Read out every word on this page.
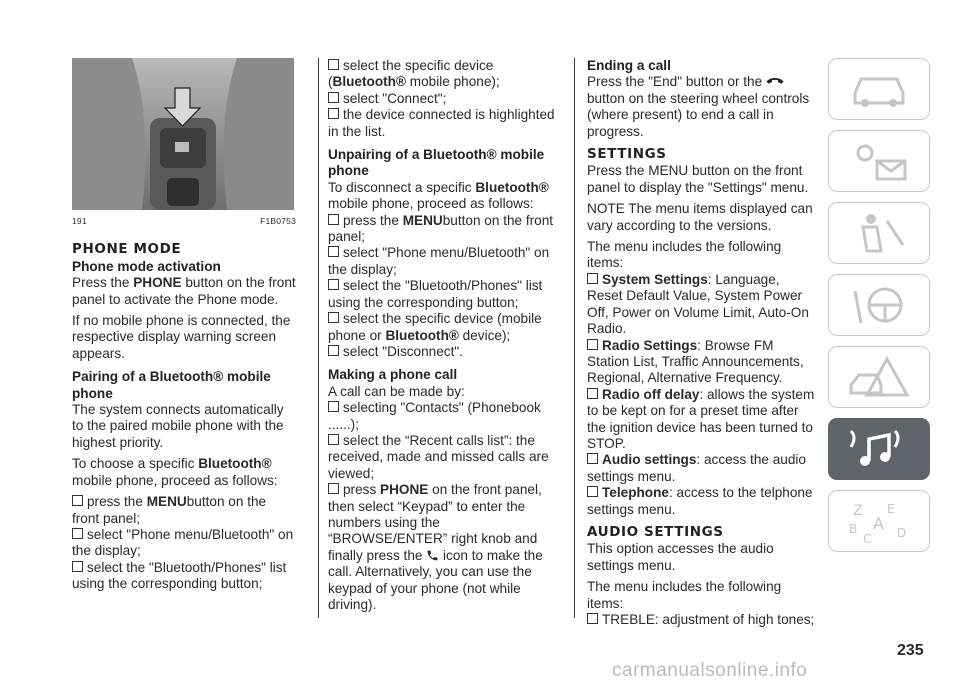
191	F1B0753
PHONE MODE
Phone mode activation

Press the PHONE button on the front panel to activate the Phone mode.

If no mobile phone is connected, the respective display warning screen appears.

Pairing of a Bluetooth® mobile phone

The system connects automatically to the paired mobile phone with the highest priority.

To choose a specific Bluetooth® mobile phone, proceed as follows:

press the MENUbutton on the front panel;
select "Phone menu/Bluetooth" on the display;
select the "Bluetooth/Phones" list using the corresponding button;
select the specific device (Bluetooth® mobile phone);
select "Connect";
the device connected is highlighted in the list.
Unpairing of a Bluetooth® mobile phone

To disconnect a specific Bluetooth® mobile phone, proceed as follows:

press the MENUbutton on the front panel;
select "Phone menu/Bluetooth" on the display;
select the "Bluetooth/Phones" list using the corresponding button;
select the specific device (mobile phone or Bluetooth® device);
select "Disconnect".
Making a phone call

A call can be made by:

selecting "Contacts" (Phonebook ......);
select the “Recent calls list”: the received, made and missed calls are viewed;
press PHONE on the front panel, then select “Keypad” to enter the numbers using the “BROWSE/ENTER” right knob and finally press the  icon to make the call. Alternatively, you can use the keypad of your phone (not while driving).
Ending a call

Press the "End" button or the  button on the steering wheel controls (where present) to end a call in progress.

SETTINGS

Press the MENU button on the front panel to display the "Settings" menu.

NOTE The menu items displayed can vary according to the versions.

The menu includes the following items:

System Settings: Language, Reset Default Value, System Power Off, Power on Volume Limit, Auto-On Radio.
Radio Settings: Browse FM Station List, Traffic Announcements, Regional, Alternative Frequency.
Radio off delay: allows the system to be kept on for a preset time after the ignition device has been turned to STOP.
Audio settings: access the audio settings menu.
Telephone: access to the telphone settings menu.
AUDIO SETTINGS

This option accesses the audio settings menu.

The menu includes the following items:

TREBLE: adjustment of high tones;
Z E
B A D
C
235
carmanualsonline.info
